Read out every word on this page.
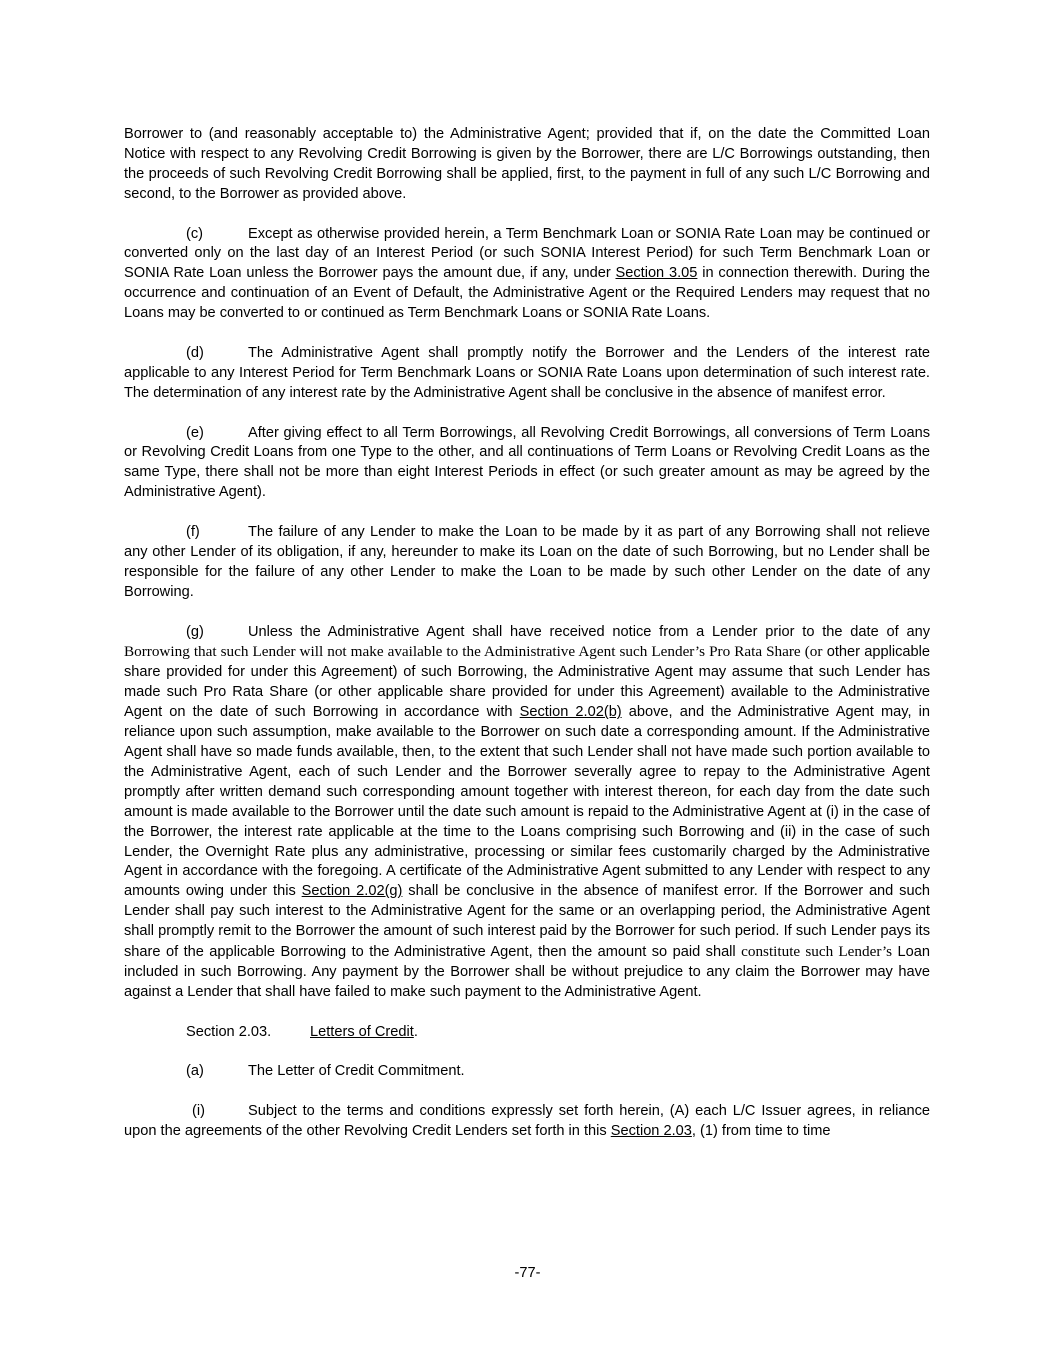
Borrower to (and reasonably acceptable to) the Administrative Agent; provided that if, on the date the Committed Loan Notice with respect to any Revolving Credit Borrowing is given by the Borrower, there are L/C Borrowings outstanding, then the proceeds of such Revolving Credit Borrowing shall be applied, first, to the payment in full of any such L/C Borrowing and second, to the Borrower as provided above.

(c)	Except as otherwise provided herein, a Term Benchmark Loan or SONIA Rate Loan may be continued or converted only on the last day of an Interest Period (or such SONIA Interest Period) for such Term Benchmark Loan or SONIA Rate Loan unless the Borrower pays the amount due, if any, under Section 3.05 in connection therewith. During the occurrence and continuation of an Event of Default, the Administrative Agent or the Required Lenders may request that no Loans may be converted to or continued as Term Benchmark Loans or SONIA Rate Loans.

(d)	The Administrative Agent shall promptly notify the Borrower and the Lenders of the interest rate applicable to any Interest Period for Term Benchmark Loans or SONIA Rate Loans upon determination of such interest rate. The determination of any interest rate by the Administrative Agent shall be conclusive in the absence of manifest error.

(e)	After giving effect to all Term Borrowings, all Revolving Credit Borrowings, all conversions of Term Loans or Revolving Credit Loans from one Type to the other, and all continuations of Term Loans or Revolving Credit Loans as the same Type, there shall not be more than eight Interest Periods in effect (or such greater amount as may be agreed by the Administrative Agent).

(f)	The failure of any Lender to make the Loan to be made by it as part of any Borrowing shall not relieve any other Lender of its obligation, if any, hereunder to make its Loan on the date of such Borrowing, but no Lender shall be responsible for the failure of any other Lender to make the Loan to be made by such other Lender on the date of any Borrowing.

(g)	Unless the Administrative Agent shall have received notice from a Lender prior to the date of any Borrowing that such Lender will not make available to the Administrative Agent such Lender’s Pro Rata Share (or other applicable share provided for under this Agreement) of such Borrowing, the Administrative Agent may assume that such Lender has made such Pro Rata Share (or other applicable share provided for under this Agreement) available to the Administrative Agent on the date of such Borrowing in accordance with Section 2.02(b) above, and the Administrative Agent may, in reliance upon such assumption, make available to the Borrower on such date a corresponding amount. If the Administrative Agent shall have so made funds available, then, to the extent that such Lender shall not have made such portion available to the Administrative Agent, each of such Lender and the Borrower severally agree to repay to the Administrative Agent promptly after written demand such corresponding amount together with interest thereon, for each day from the date such amount is made available to the Borrower until the date such amount is repaid to the Administrative Agent at (i) in the case of the Borrower, the interest rate applicable at the time to the Loans comprising such Borrowing and (ii) in the case of such Lender, the Overnight Rate plus any administrative, processing or similar fees customarily charged by the Administrative Agent in accordance with the foregoing. A certificate of the Administrative Agent submitted to any Lender with respect to any amounts owing under this Section 2.02(g) shall be conclusive in the absence of manifest error. If the Borrower and such Lender shall pay such interest to the Administrative Agent for the same or an overlapping period, the Administrative Agent shall promptly remit to the Borrower the amount of such interest paid by the Borrower for such period. If such Lender pays its share of the applicable Borrowing to the Administrative Agent, then the amount so paid shall constitute such Lender’s Loan included in such Borrowing. Any payment by the Borrower shall be without prejudice to any claim the Borrower may have against a Lender that shall have failed to make such payment to the Administrative Agent.

Section 2.03.	Letters of Credit.

(a)	The Letter of Credit Commitment.

(i)	Subject to the terms and conditions expressly set forth herein, (A) each L/C Issuer agrees, in reliance upon the agreements of the other Revolving Credit Lenders set forth in this Section 2.03, (1) from time to time

-77-
